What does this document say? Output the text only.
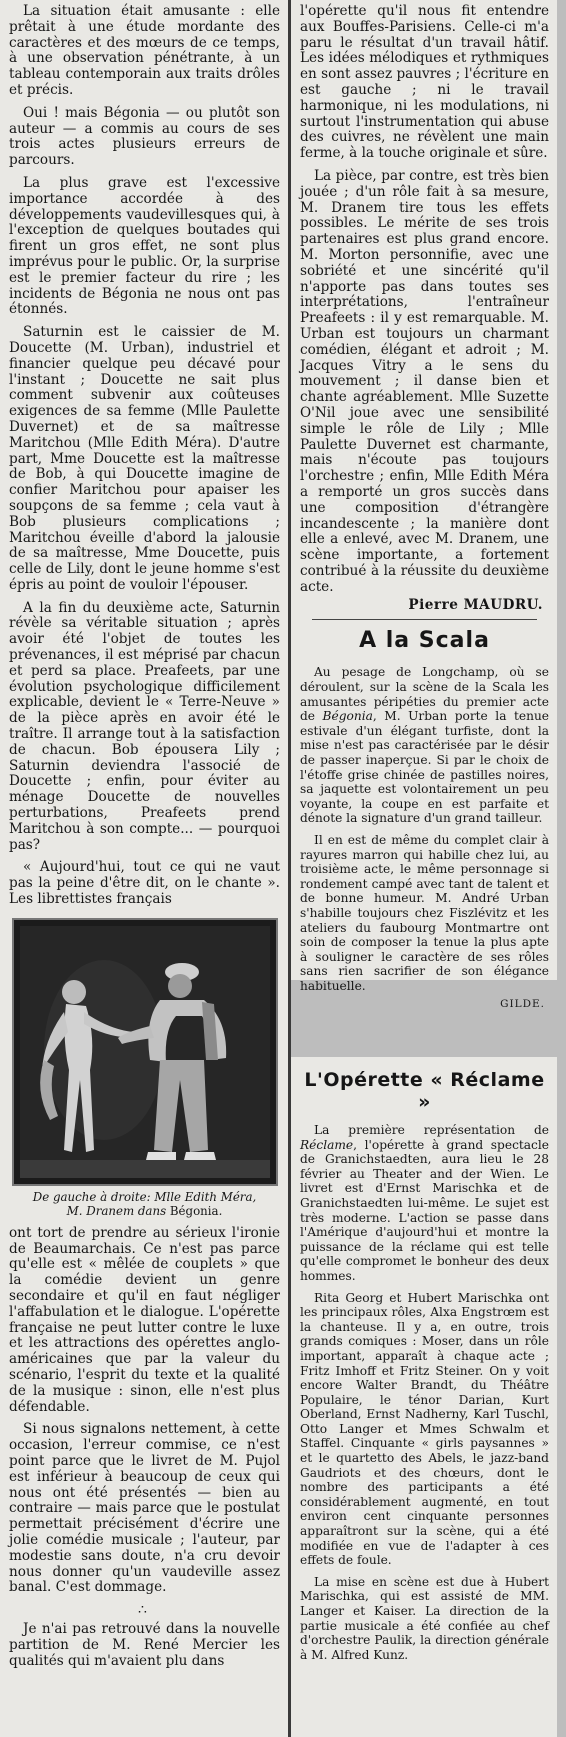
La situation était amusante : elle prêtait à une étude mordante des caractères et des mœurs de ce temps, à une observation pénétrante, à un tableau contemporain aux traits drôles et précis.

Oui ! mais Bégonia — ou plutôt son auteur — a commis au cours de ses trois actes plusieurs erreurs de parcours.

La plus grave est l'excessive importance accordée à des développements vaudevillesques qui, à l'exception de quelques boutades qui firent un gros effet, ne sont plus imprévus pour le public. Or, la surprise est le premier facteur du rire ; les incidents de Bégonia ne nous ont pas étonnés.

Saturnin est le caissier de M. Doucette (M. Urban), industriel et financier quelque peu décavé pour l'instant ; Doucette ne sait plus comment subvenir aux coûteuses exigences de sa femme (Mlle Paulette Duvernet) et de sa maîtresse Maritchou (Mlle Edith Méra). D'autre part, Mme Doucette est la maîtresse de Bob, à qui Doucette imagine de confier Maritchou pour apaiser les soupçons de sa femme ; cela vaut à Bob plusieurs complications ; Maritchou éveille d'abord la jalousie de sa maîtresse, Mme Doucette, puis celle de Lily, dont le jeune homme s'est épris au point de vouloir l'épouser.

A la fin du deuxième acte, Saturnin révèle sa véritable situation ; après avoir été l'objet de toutes les prévenances, il est méprisé par chacun et perd sa place. Preafeets, par une évolution psychologique difficilement explicable, devient le « Terre-Neuve » de la pièce après en avoir été le traître. Il arrange tout à la satisfaction de chacun. Bob épousera Lily ; Saturnin deviendra l'associé de Doucette ; enfin, pour éviter au ménage Doucette de nouvelles perturbations, Preafeets prend Maritchou à son compte... — pourquoi pas?

« Aujourd'hui, tout ce qui ne vaut pas la peine d'être dit, on le chante ». Les librettistes français

De gauche à droite: Mlle Edith Méra,
M. Dranem dans Bégonia.

ont tort de prendre au sérieux l'ironie de Beaumarchais. Ce n'est pas parce qu'elle est « mêlée de couplets » que la comédie devient un genre secondaire et qu'il en faut négliger l'affabulation et le dialogue. L'opérette française ne peut lutter contre le luxe et les attractions des opérettes anglo-américaines que par la valeur du scénario, l'esprit du texte et la qualité de la musique : sinon, elle n'est plus défendable.

Si nous signalons nettement, à cette occasion, l'erreur commise, ce n'est point parce que le livret de M. Pujol est inférieur à beaucoup de ceux qui nous ont été présentés — bien au contraire — mais parce que le postulat permettait précisément d'écrire une jolie comédie musicale ; l'auteur, par modestie sans doute, n'a cru devoir nous donner qu'un vaudeville assez banal. C'est dommage.

∴

Je n'ai pas retrouvé dans la nouvelle partition de M. René Mercier les qualités qui m'avaient plu dans

l'opérette qu'il nous fit entendre aux Bouffes-Parisiens. Celle-ci m'a paru le résultat d'un travail hâtif. Les idées mélodiques et rythmiques en sont assez pauvres ; l'écriture en est gauche ; ni le travail harmonique, ni les modulations, ni surtout l'instrumentation qui abuse des cuivres, ne révèlent une main ferme, à la touche originale et sûre.

La pièce, par contre, est très bien jouée ; d'un rôle fait à sa mesure, M. Dranem tire tous les effets possibles. Le mérite de ses trois partenaires est plus grand encore. M. Morton personnifie, avec une sobriété et une sincérité qu'il n'apporte pas dans toutes ses interprétations, l'entraîneur Preafeets : il y est remarquable. M. Urban est toujours un charmant comédien, élégant et adroit ; M. Jacques Vitry a le sens du mouvement ; il danse bien et chante agréablement. Mlle Suzette O'Nil joue avec une sensibilité simple le rôle de Lily ; Mlle Paulette Duvernet est charmante, mais n'écoute pas toujours l'orchestre ; enfin, Mlle Edith Méra a remporté un gros succès dans une composition d'étrangère incandescente ; la manière dont elle a enlevé, avec M. Dranem, une scène importante, a fortement contribué à la réussite du deuxième acte.

Pierre MAUDRU.
A la Scala

Au pesage de Longchamp, où se déroulent, sur la scène de la Scala les amusantes péripéties du premier acte de Bégonia, M. Urban porte la tenue estivale d'un élégant turfiste, dont la mise n'est pas caractérisée par le désir de passer inaperçue. Si par le choix de l'étoffe grise chinée de pastilles noires, sa jaquette est volontairement un peu voyante, la coupe en est parfaite et dénote la signature d'un grand tailleur.

Il en est de même du complet clair à rayures marron qui habille chez lui, au troisième acte, le même personnage si rondement campé avec tant de talent et de bonne humeur. M. André Urban s'habille toujours chez Fiszlévitz et les ateliers du faubourg Montmartre ont soin de composer la tenue la plus apte à souligner le caractère de ses rôles sans rien sacrifier de son élégance habituelle.

GILDE.
L'Opérette « Réclame »

La première représentation de Réclame, l'opérette à grand spectacle de Granichstaedten, aura lieu le 28 février au Theater and der Wien. Le livret est d'Ernst Marischka et de Granichstaedten lui-même. Le sujet est très moderne. L'action se passe dans l'Amérique d'aujourd'hui et montre la puissance de la réclame qui est telle qu'elle compromet le bonheur des deux hommes.

Rita Georg et Hubert Marischka ont les principaux rôles, Alxa Engstrœm est la chanteuse. Il y a, en outre, trois grands comiques : Moser, dans un rôle important, apparaît à chaque acte ; Fritz Imhoff et Fritz Steiner. On y voit encore Walter Brandt, du Théâtre Populaire, le ténor Darian, Kurt Oberland, Ernst Nadherny, Karl Tuschl, Otto Langer et Mmes Schwalm et Staffel. Cinquante « girls paysannes » et le quartetto des Abels, le jazz-band Gaudriots et des chœurs, dont le nombre des participants a été considérablement augmenté, en tout environ cent cinquante personnes apparaîtront sur la scène, qui a été modifiée en vue de l'adapter à ces effets de foule.

La mise en scène est due à Hubert Marischka, qui est assisté de MM. Langer et Kaiser. La direction de la partie musicale a été confiée au chef d'orchestre Paulik, la direction générale à M. Alfred Kunz.
